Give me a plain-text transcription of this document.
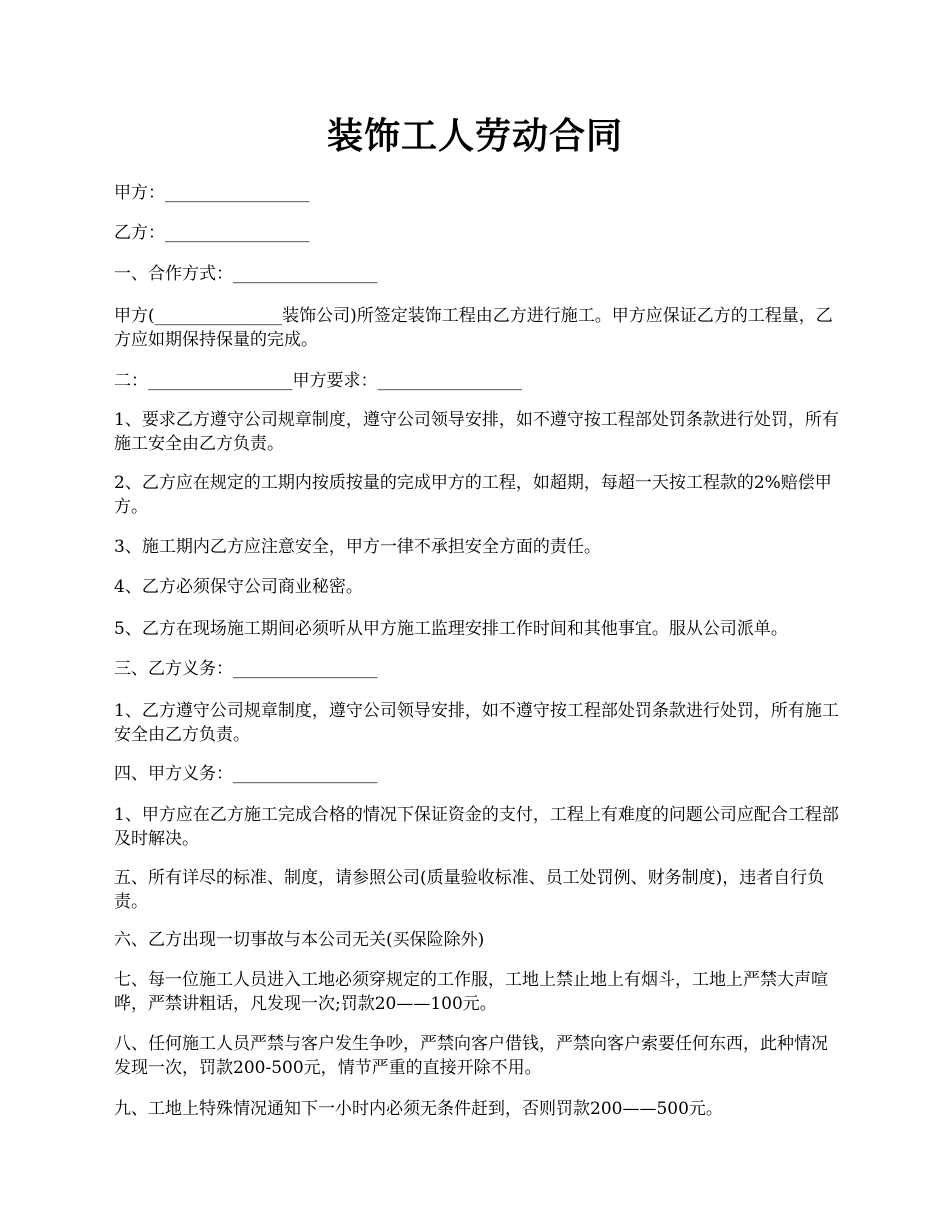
装饰工人劳动合同

甲方：_________________

乙方：_________________

一、合作方式：_________________

甲方(_______________装饰公司)所签定装饰工程由乙方进行施工。甲方应保证乙方的工程量，乙方应如期保持保量的完成。

二：_________________甲方要求：_________________

1、要求乙方遵守公司规章制度，遵守公司领导安排，如不遵守按工程部处罚条款进行处罚，所有施工安全由乙方负责。

2、乙方应在规定的工期内按质按量的完成甲方的工程，如超期，每超一天按工程款的2%赔偿甲方。

3、施工期内乙方应注意安全，甲方一律不承担安全方面的责任。

4、乙方必须保守公司商业秘密。

5、乙方在现场施工期间必须听从甲方施工监理安排工作时间和其他事宜。服从公司派单。

三、乙方义务：_________________

1、乙方遵守公司规章制度，遵守公司领导安排，如不遵守按工程部处罚条款进行处罚，所有施工安全由乙方负责。

四、甲方义务：_________________

1、甲方应在乙方施工完成合格的情况下保证资金的支付，工程上有难度的问题公司应配合工程部及时解决。

五、所有详尽的标准、制度，请参照公司(质量验收标准、员工处罚例、财务制度)，违者自行负责。

六、乙方出现一切事故与本公司无关(买保险除外)

七、每一位施工人员进入工地必须穿规定的工作服，工地上禁止地上有烟斗，工地上严禁大声喧哗，严禁讲粗话，凡发现一次;罚款20——100元。

八、任何施工人员严禁与客户发生争吵，严禁向客户借钱，严禁向客户索要任何东西，此种情况发现一次，罚款200-500元，情节严重的直接开除不用。

九、工地上特殊情况通知下一小时内必须无条件赶到，否则罚款200——500元。
